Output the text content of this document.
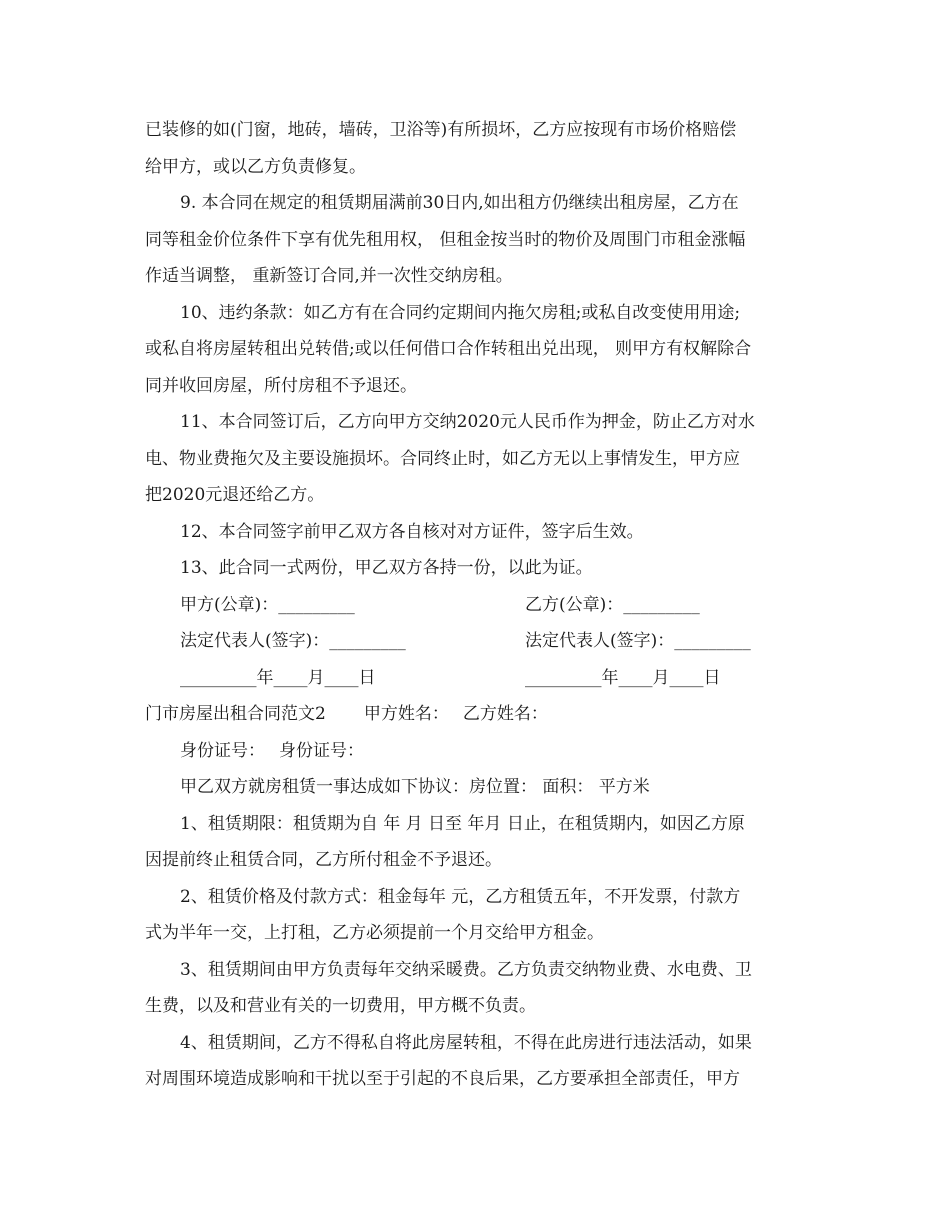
已装修的如(门窗，地砖，墙砖，卫浴等)有所损坏，乙方应按现有市场价格赔偿
给甲方，或以乙方负责修复。
9. 本合同在规定的租赁期届满前30日内,如出租方仍继续出租房屋，乙方在
同等租金价位条件下享有优先租用权， 但租金按当时的物价及周围门市租金涨幅
作适当调整， 重新签订合同,并一次性交纳房租。
10、违约条款：如乙方有在合同约定期间内拖欠房租;或私自改变使用用途;
或私自将房屋转租出兑转借;或以任何借口合作转租出兑出现， 则甲方有权解除合
同并收回房屋，所付房租不予退还。
11、本合同签订后，乙方向甲方交纳2020元人民币作为押金，防止乙方对水
电、物业费拖欠及主要设施损坏。合同终止时，如乙方无以上事情发生，甲方应
把2020元退还给乙方。
12、本合同签字前甲乙双方各自核对对方证件，签字后生效。
13、此合同一式两份，甲乙双方各持一份，以此为证。
甲方(公章)：_________	乙方(公章)：_________
法定代表人(签字)：_________	法定代表人(签字)：_________
_________年____月____日	_________年____月____日
门市房屋出租合同范文2 甲方姓名： 乙方姓名：
身份证号： 身份证号：
甲乙双方就房租赁一事达成如下协议：房位置： 面积： 平方米
1、租赁期限：租赁期为自 年 月 日至 年月 日止，在租赁期内，如因乙方原
因提前终止租赁合同，乙方所付租金不予退还。
2、租赁价格及付款方式：租金每年 元，乙方租赁五年，不开发票，付款方
式为半年一交，上打租，乙方必须提前一个月交给甲方租金。
3、租赁期间由甲方负责每年交纳采暖费。乙方负责交纳物业费、水电费、卫
生费，以及和营业有关的一切费用，甲方概不负责。
4、租赁期间，乙方不得私自将此房屋转租，不得在此房进行违法活动，如果
对周围环境造成影响和干扰以至于引起的不良后果，乙方要承担全部责任，甲方
